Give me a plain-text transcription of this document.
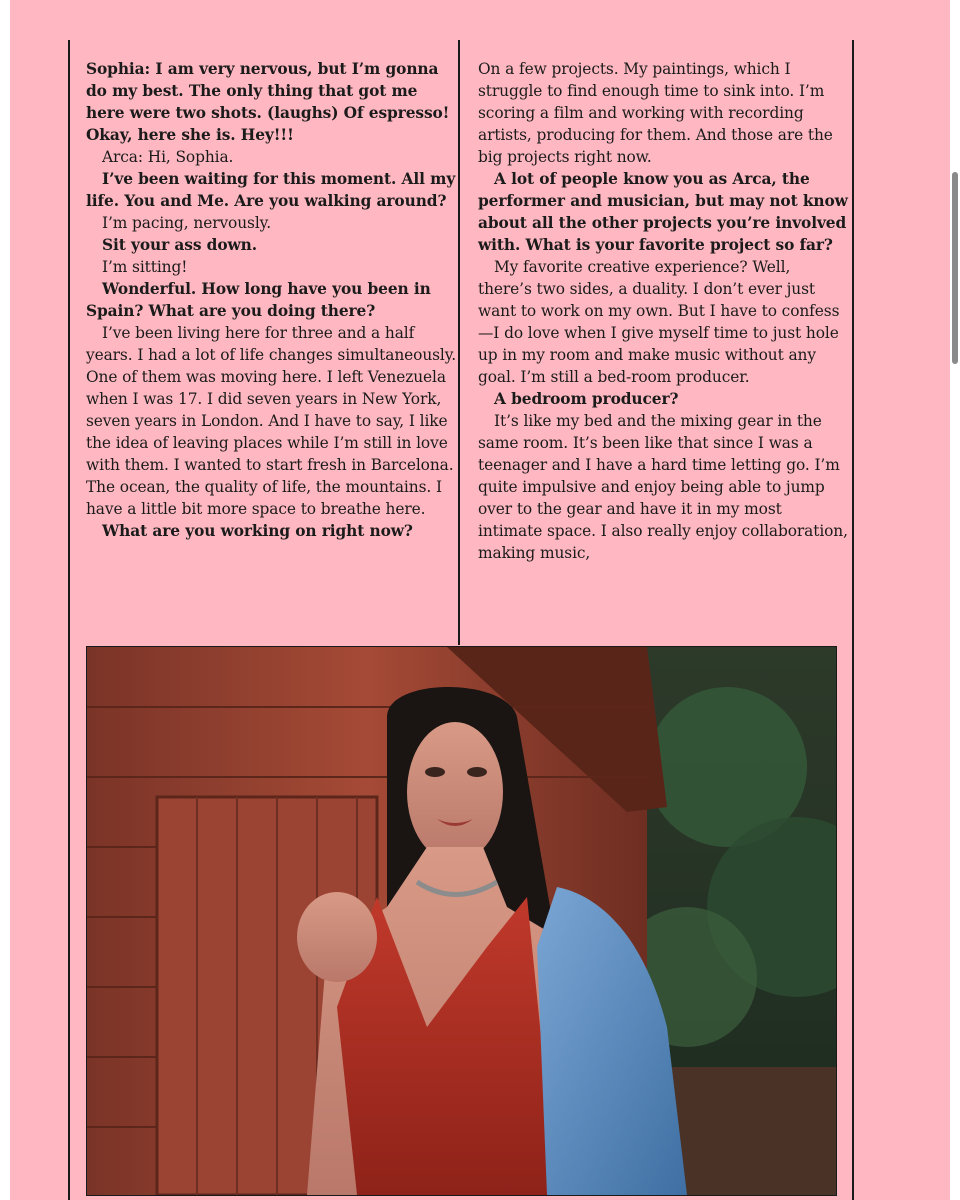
Sophia: I am very nervous, but I’m gonna do my best. The only thing that got me here were two shots. (laughs) Of espresso! Okay, here she is. Hey!!!

Arca: Hi, Sophia.

I’ve been waiting for this moment. All my life. You and Me. Are you walking around?

I’m pacing, nervously.

Sit your ass down.

I’m sitting!

Wonderful. How long have you been in Spain? What are you doing there?

I’ve been living here for three and a half years. I had a lot of life changes simultaneously. One of them was moving here. I left Venezuela when I was 17. I did seven years in New York, seven years in London. And I have to say, I like the idea of leaving places while I’m still in love with them. I wanted to start fresh in Barcelona. The ocean, the quality of life, the mountains. I have a little bit more space to breathe here.

What are you working on right now?

On a few projects. My paintings, which I struggle to find enough time to sink into. I’m scoring a film and working with recording artists, producing for them. And those are the big projects right now.

A lot of people know you as Arca, the performer and musician, but may not know about all the other projects you’re involved with. What is your favorite project so far?

My favorite creative experience? Well, there’s two sides, a duality. I don’t ever just want to work on my own. But I have to confess—I do love when I give myself time to just hole up in my room and make music without any goal. I’m still a bed-room producer.

A bedroom producer?

It’s like my bed and the mixing gear in the same room. It’s been like that since I was a teenager and I have a hard time letting go. I’m quite impulsive and enjoy being able to jump over to the gear and have it in my most intimate space. I also really enjoy collaboration, making music,
